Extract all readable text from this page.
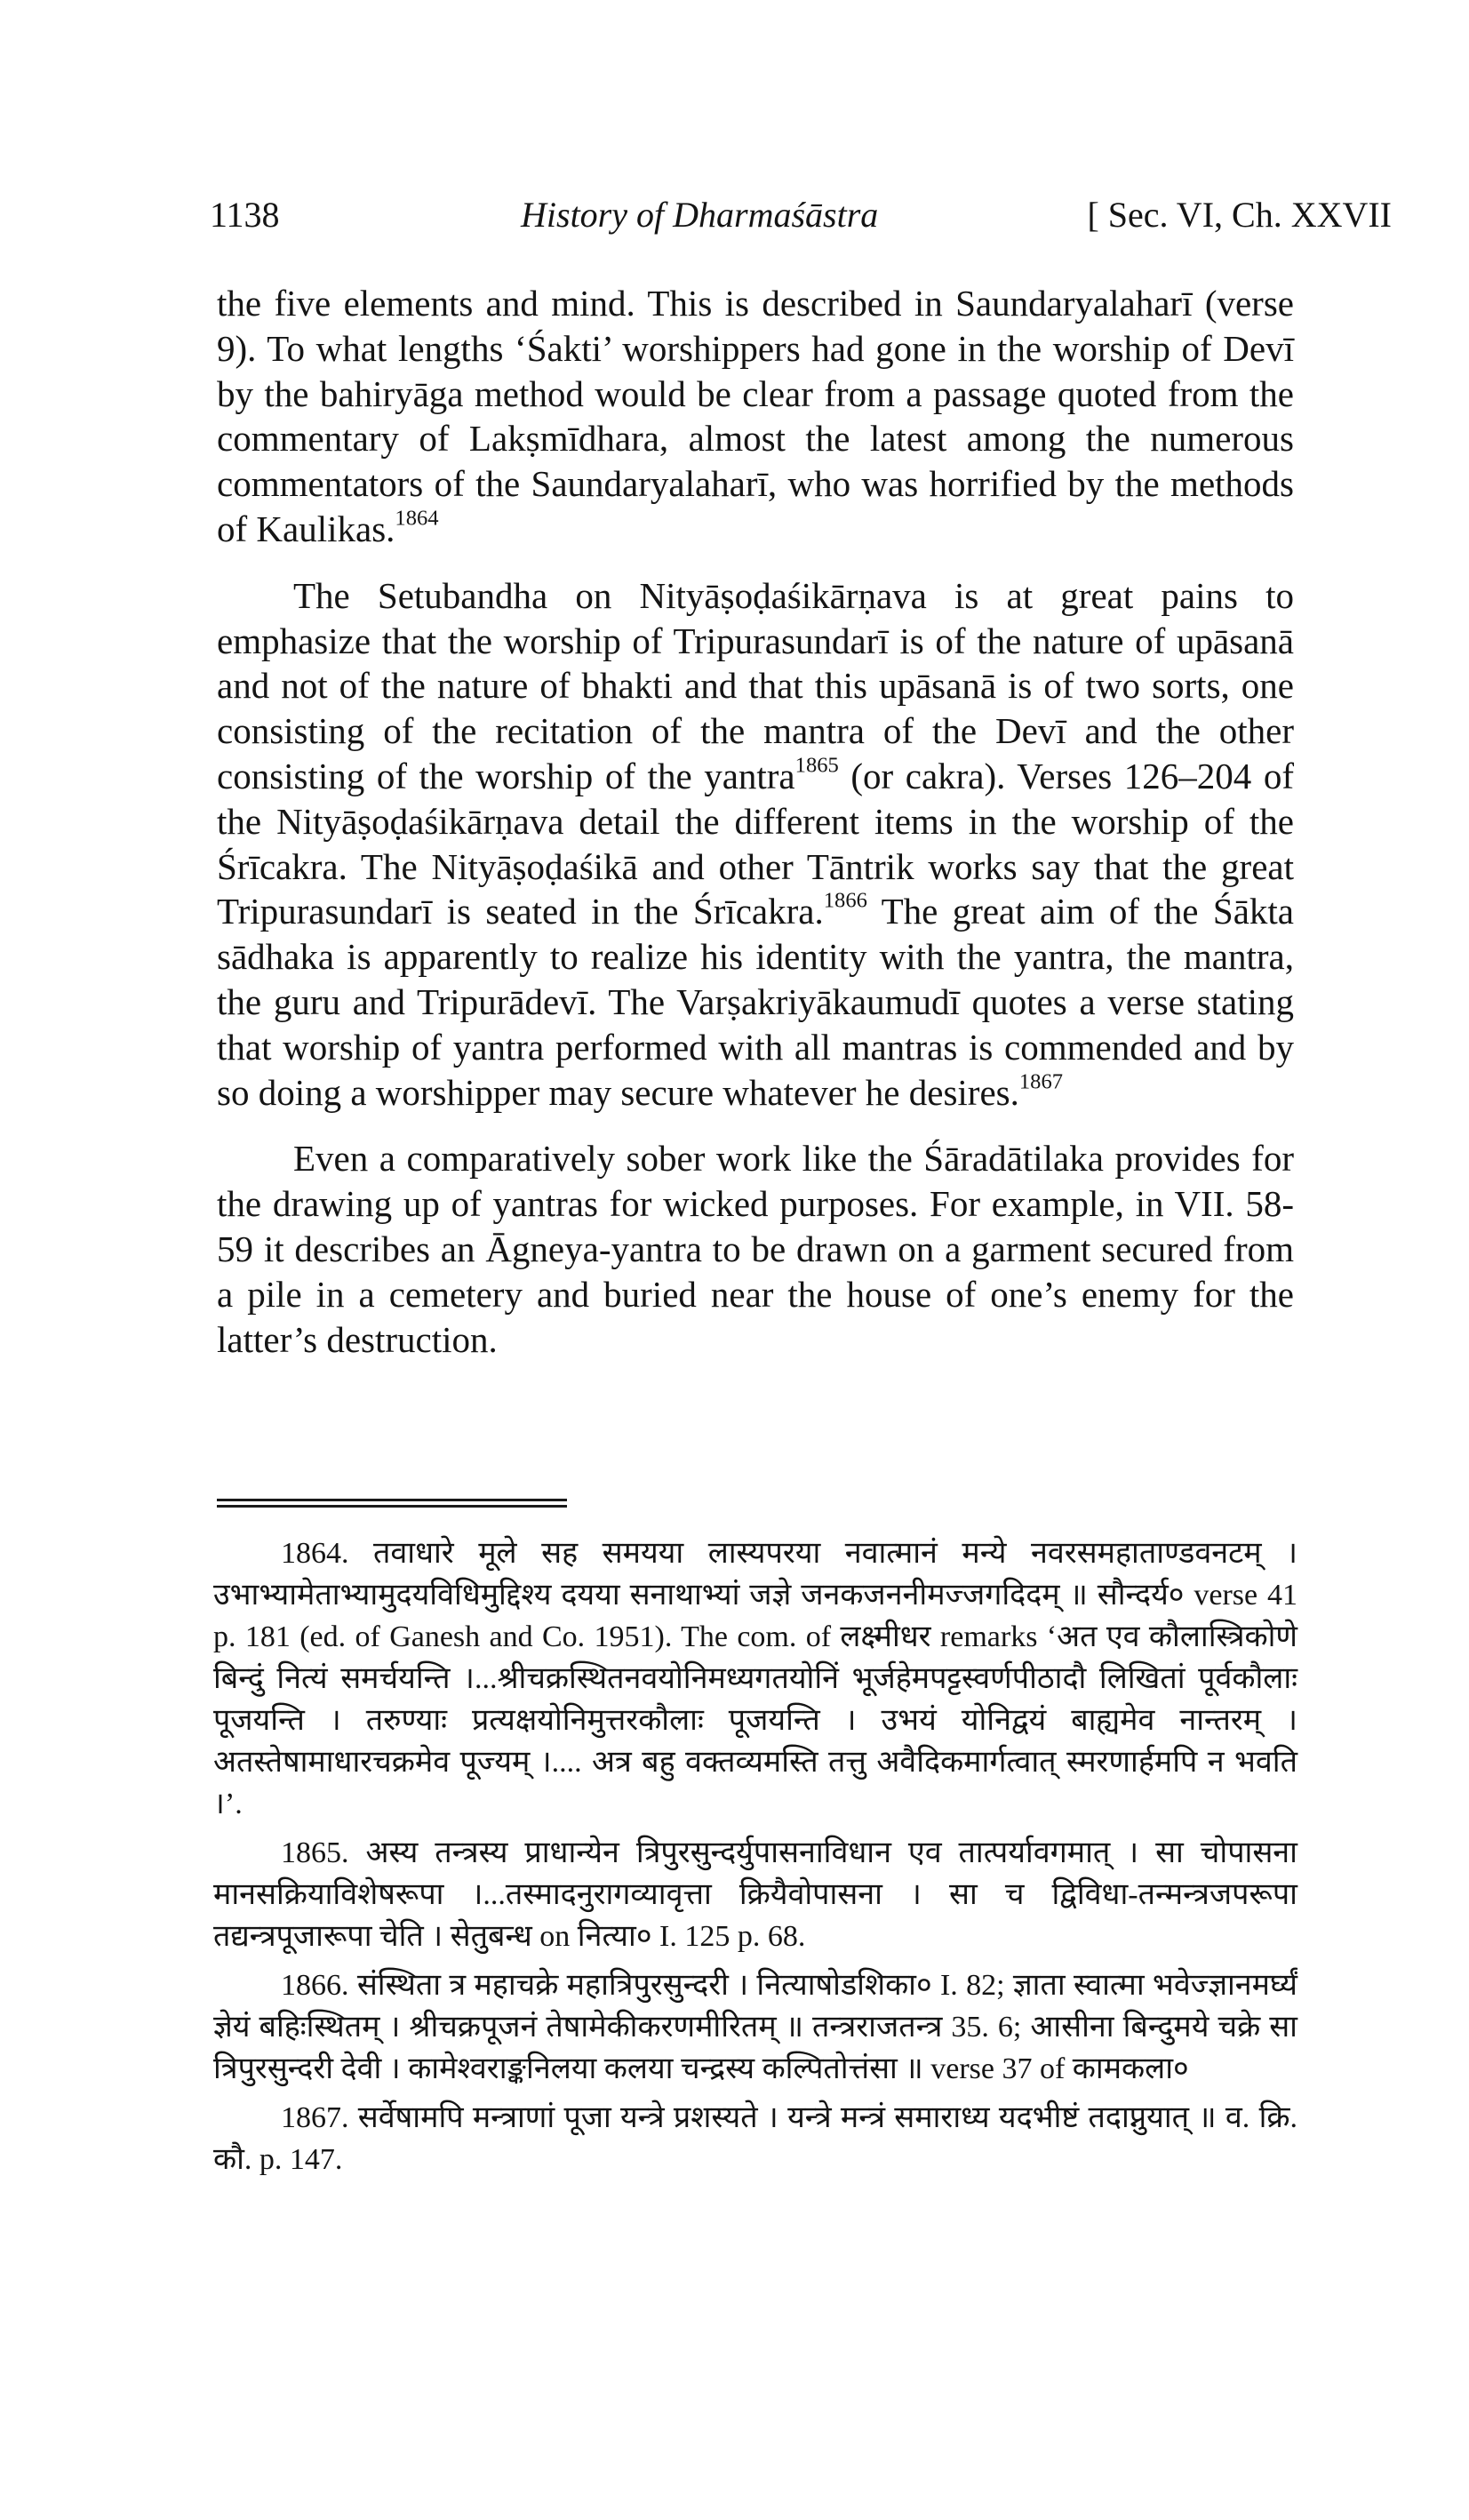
1138	History of Dharmaśāstra	[ Sec. VI, Ch. XXVII

the five elements and mind. This is described in Saundaryalaharī (verse 9). To what lengths ‘Śakti’ worshippers had gone in the worship of Devī by the bahiryāga method would be clear from a passage quoted from the commentary of Lakṣmīdhara, almost the latest among the numerous commentators of the Saundaryalaharī, who was horrified by the methods of Kaulikas.$^{1864}$

The Setubandha on Nityāṣoḍaśikārṇava is at great pains to emphasize that the worship of Tripurasundarī is of the nature of upāsanā and not of the nature of bhakti and that this upāsanā is of two sorts, one consisting of the recitation of the mantra of the Devī and the other consisting of the worship of the yantra$^{1865}$ (or cakra). Verses 126–204 of the Nityāṣoḍaśikārṇava detail the different items in the worship of the Śrīcakra. The Nityāṣoḍaśikā and other Tāntrik works say that the great Tripurasundarī is seated in the Śrīcakra.$^{1866}$ The great aim of the Śākta sādhaka is apparently to realize his identity with the yantra, the mantra, the guru and Tripurādevī. The Varṣakriyākaumudī quotes a verse stating that worship of yantra performed with all mantras is commended and by so doing a worshipper may secure whatever he desires.$^{1867}$

Even a comparatively sober work like the Śāradātilaka provides for the drawing up of yantras for wicked purposes. For example, in VII. 58-59 it describes an Āgneya-yantra to be drawn on a garment secured from a pile in a cemetery and buried near the house of one’s enemy for the latter’s destruction.

1864. तवाधारे मूले सह समयया लास्यपरया नवात्मानं मन्ये नवरसमहाताण्डवनटम् । उभाभ्यामेताभ्यामुदयविधिमुद्दिश्य दयया सनाथाभ्यां जज्ञे जनकजननीमज्जगदिदम् ॥ सौन्दर्य० verse 41 p. 181 (ed. of Ganesh and Co. 1951). The com. of लक्ष्मीधर remarks ‘अत एव कौलास्त्रिकोणे बिन्दुं नित्यं समर्चयन्ति ।...श्रीचक्रस्थितनवयोनिमध्यगतयोनिं भूर्जहेमपट्टस्वर्णपीठादौ लिखितां पूर्वकौलाः पूजयन्ति । तरुण्याः प्रत्यक्षयोनिमुत्तरकौलाः पूजयन्ति । उभयं योनिद्वयं बाह्यमेव नान्तरम् । अतस्तेषामाधारचक्रमेव पूज्यम् ।.... अत्र बहु वक्तव्यमस्ति तत्तु अवैदिकमार्गत्वात् स्मरणार्हमपि न भवति ।’.

1865. अस्य तन्त्रस्य प्राधान्येन त्रिपुरसुन्दर्युपासनाविधान एव तात्पर्यावगमात् । सा चोपासना मानसक्रियाविशेषरूपा ।...तस्मादनुरागव्यावृत्ता क्रियैवोपासना । सा च द्विविधा-तन्मन्त्रजपरूपा तद्यन्त्रपूजारूपा चेति । सेतुबन्ध on नित्या० I. 125 p. 68.

1866. संस्थिता त्र महाचक्रे महात्रिपुरसुन्दरी । नित्याषोडशिका० I. 82; ज्ञाता स्वात्मा भवेज्ज्ञानमर्घ्यं ज्ञेयं बहिःस्थितम् । श्रीचक्रपूजनं तेषामेकीकरणमीरितम् ॥ तन्त्रराजतन्त्र 35. 6; आसीना बिन्दुमये चक्रे सा त्रिपुरसुन्दरी देवी । कामेश्वराङ्कनिलया कलया चन्द्रस्य कल्पितोत्तंसा ॥ verse 37 of कामकला०

1867. सर्वेषामपि मन्त्राणां पूजा यन्त्रे प्रशस्यते । यन्त्रे मन्त्रं समाराध्य यदभीष्टं तदाप्नुयात् ॥ व. क्रि. कौ. p. 147.
